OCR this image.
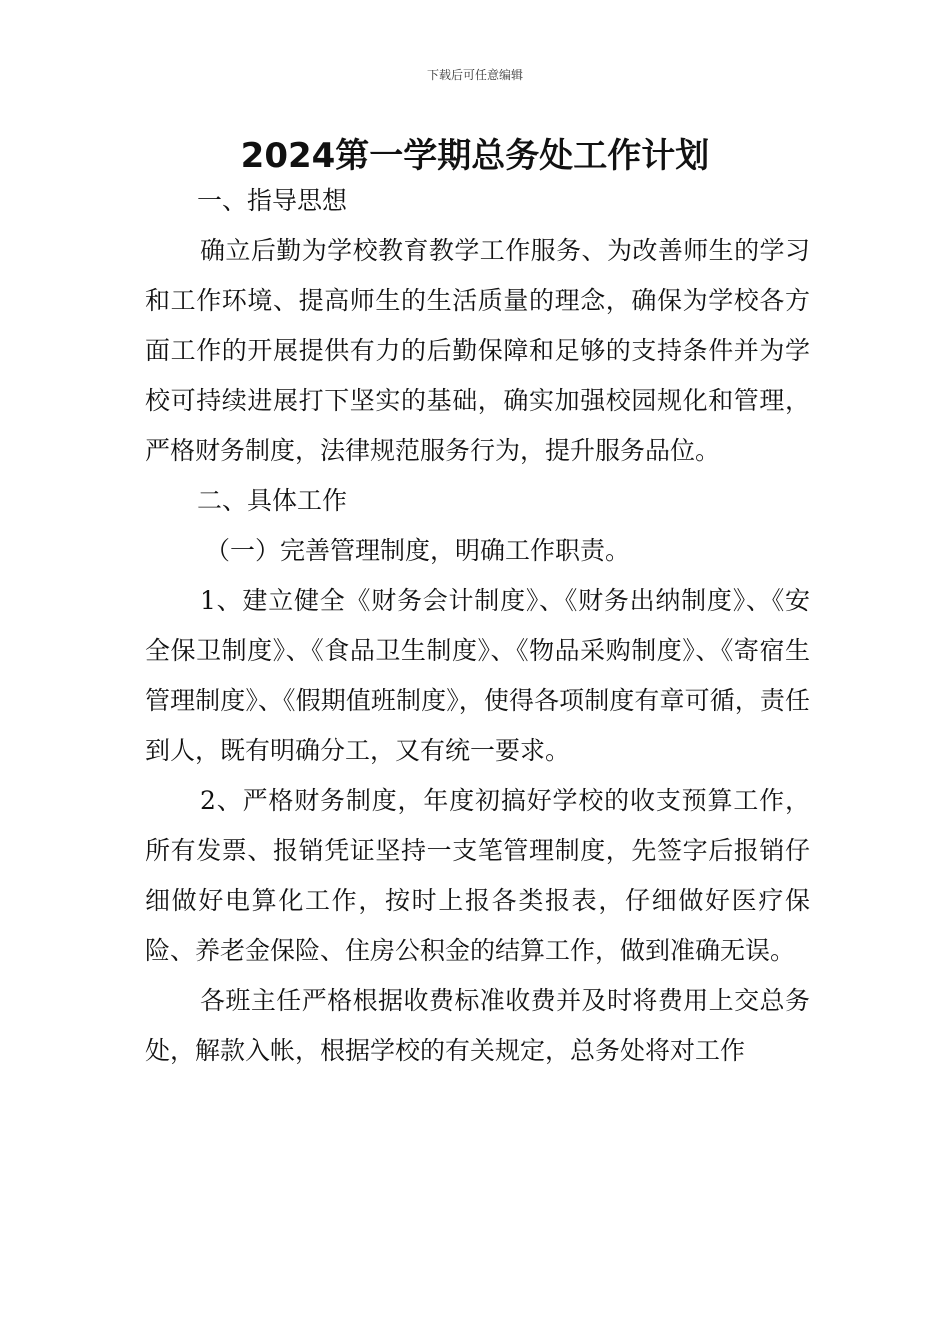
下载后可任意编辑
2024第一学期总务处工作计划

一、指导思想

确立后勤为学校教育教学工作服务、为改善师生的学习和工作环境、提高师生的生活质量的理念，确保为学校各方面工作的开展提供有力的后勤保障和足够的支持条件并为学校可持续进展打下坚实的基础，确实加强校园规化和管理，严格财务制度，法律规范服务行为，提升服务品位。

二、具体工作

（一）完善管理制度，明确工作职责。

1、建立健全《财务会计制度》、《财务出纳制度》、《安全保卫制度》、《食品卫生制度》、《物品采购制度》、《寄宿生管理制度》、《假期值班制度》，使得各项制度有章可循，责任到人，既有明确分工，又有统一要求。

2、严格财务制度，年度初搞好学校的收支预算工作，所有发票、报销凭证坚持一支笔管理制度，先签字后报销仔细做好电算化工作，按时上报各类报表，仔细做好医疗保险、养老金保险、住房公积金的结算工作，做到准确无误。

各班主任严格根据收费标准收费并及时将费用上交总务处，解款入帐，根据学校的有关规定，总务处将对工作
